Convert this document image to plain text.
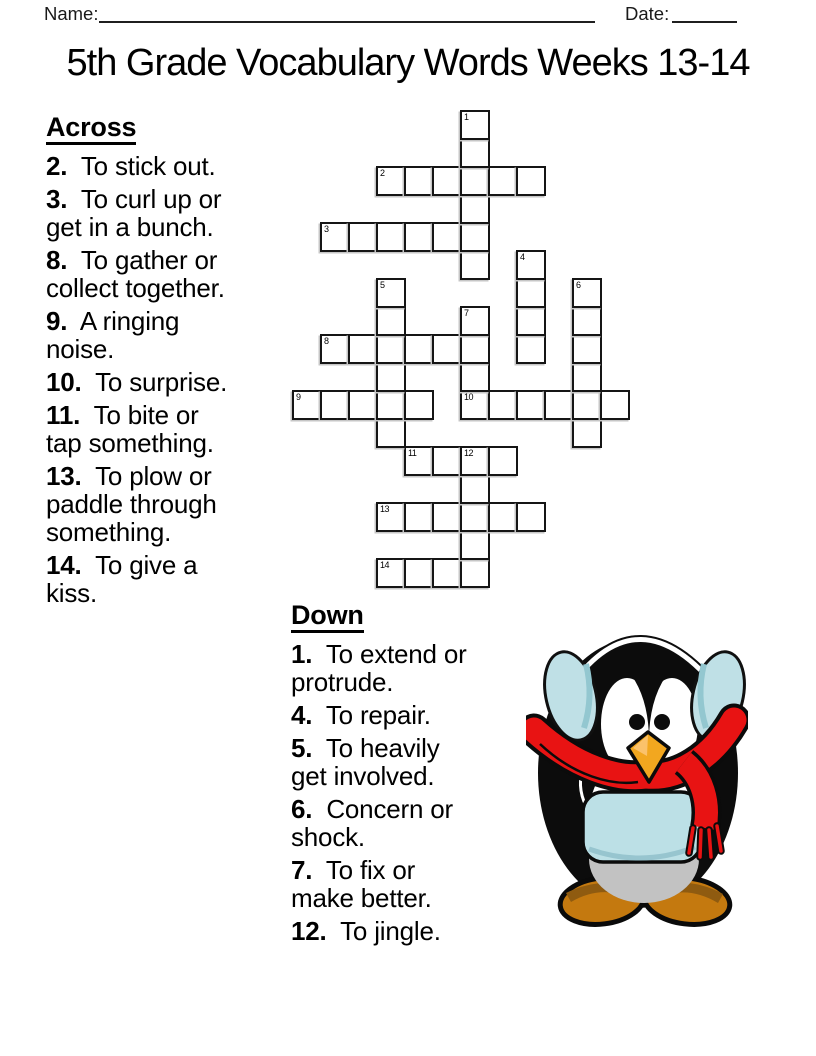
Name:	Date:
5th Grade Vocabulary Words Weeks 13-14
Across
2.  To stick out.
3.  To curl up or
get in a bunch.
8.  To gather or
collect together.
9.  A ringing
noise.
10.  To surprise.
11.  To bite or
tap something.
13.  To plow or
paddle through
something.
14.  To give a
kiss.
14
13
11	12
9	10
8
7
5	6
4
3
2
1
Down
1.  To extend or
protrude.
4.  To repair.
5.  To heavily
get involved.
6.  Concern or
shock.
7.  To fix or
make better.
12.  To jingle.
